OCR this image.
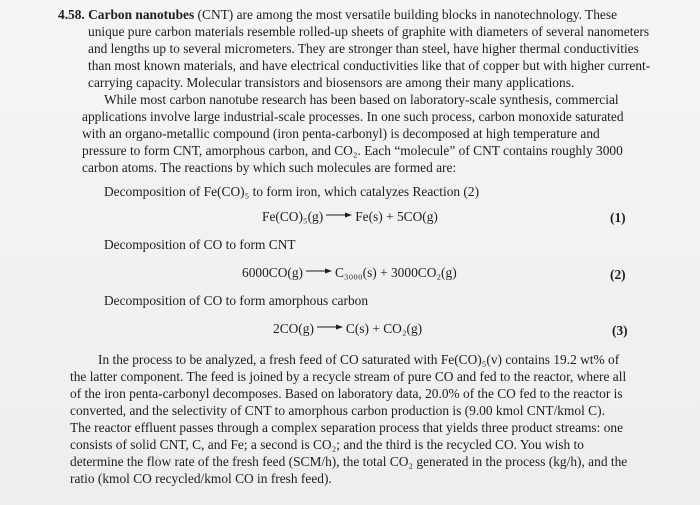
4.58. Carbon nanotubes (CNT) are among the most versatile building blocks in nanotechnology. These
unique pure carbon materials resemble rolled-up sheets of graphite with diameters of several nanometers
and lengths up to several micrometers. They are stronger than steel, have higher thermal conductivities
than most known materials, and have electrical conductivities like that of copper but with higher current-
carrying capacity. Molecular transistors and biosensors are among their many applications.
While most carbon nanotube research has been based on laboratory-scale synthesis, commercial
applications involve large industrial-scale processes. In one such process, carbon monoxide saturated
with an organo-metallic compound (iron penta-carbonyl) is decomposed at high temperature and
pressure to form CNT, amorphous carbon, and CO₂. Each “molecule” of CNT contains roughly 3000
carbon atoms. The reactions by which such molecules are formed are:
Decomposition of Fe(CO)₅ to form iron, which catalyzes Reaction (2)
Fe(CO)₅(g) → Fe(s) + 5CO(g)	(1)
Decomposition of CO to form CNT
6000CO(g) → C₃₀₀₀(s) + 3000CO₂(g)	(2)
Decomposition of CO to form amorphous carbon
2CO(g) → C(s) + CO₂(g)	(3)
In the process to be analyzed, a fresh feed of CO saturated with Fe(CO)₅(v) contains 19.2 wt% of
the latter component. The feed is joined by a recycle stream of pure CO and fed to the reactor, where all
of the iron penta-carbonyl decomposes. Based on laboratory data, 20.0% of the CO fed to the reactor is
converted, and the selectivity of CNT to amorphous carbon production is (9.00 kmol CNT/kmol C).
The reactor effluent passes through a complex separation process that yields three product streams: one
consists of solid CNT, C, and Fe; a second is CO₂; and the third is the recycled CO. You wish to
determine the flow rate of the fresh feed (SCM/h), the total CO₂ generated in the process (kg/h), and the
ratio (kmol CO recycled/kmol CO in fresh feed).
